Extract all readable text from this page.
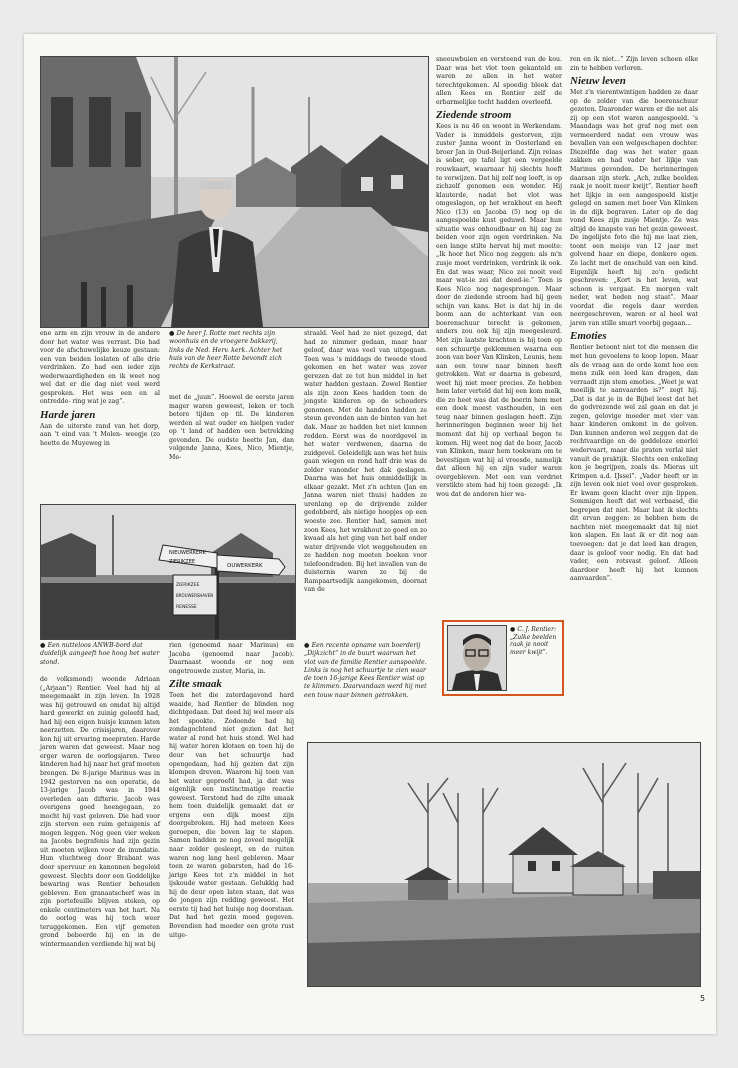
ene arm en zijn vrouw in de andere door het water was verrast. Die had voor de afschuwelijke keuze gestaan: een van beiden loslaten of alle drie verdrinken. Zo had een ieder zijn wederwaardigheden en ik weet nog wel dat er die dag niet veel werd gesproken. Het was een en al ontredde- ring wat je zag”.

Harde jaren

Aan de uiterste rand van het dorp, aan 't eind van 't Molen- weegje (zo heette de Muyeweg in

● De heer J. Rotte met rechts zijn woonhuis en de vroegere bakkerij, links de Ned. Herv. kerk. Achter het huis van de heer Rotte bevondt zich rechts de Kerkstraat.

met de „juun”. Hoewel de eerste jaren mager waren geweest, leken er toch betere tijden op til. De kinderen werden al wat ouder en hielpen vader op 't land of hadden een betrekking gevonden. De oudste heette Jan, dan volgende Janna, Kees, Nico, Mientje, Me-

NIEUWERKERK
ZIERIKZEE
OUWERKERK
ZIERIKZEE
BROUWERSHAVEN
RENESSE
● Een nutteloos ANWB-bord dat duidelijk aangeeft hoe hoog het water stond.

de volksmond) woonde Adriaan („Arjaan”) Rentier. Veel had hij al meegemaakt in zijn leven. In 1928 was hij getrouwd en omdat hij altijd hard gewerkt en zuinig geleefd had, had hij een eigen huisje kunnen laten neerzetten. De crisisjaren, daarover kon hij uit ervaring meepraten. Harde jaren waren dat geweest. Maar nog erger waren de oorlogsjaren. Twee kinderen had hij naar het graf moeten brengen. De 8-jarige Marinus was in 1942 gestorven na een operatie, de 13-jarige Jacob was in 1944 overleden aan difterie. Jacob was overigens goed heengegaan, zo mocht hij vast geloven. Die had voor zijn sterven een ruim getuigenis af mogen leggen. Nog geen vier weken na Jacobs begrafenis had zijn gezin uit moeten wijken voor de inundatie. Hun vluchtweg door Brabant was door spervuur en kanonnen begeleid geweest. Slechts door een Goddelijke bewaring was Rentier behouden gebleven. Een granaatscherf was in zijn portefeuille blijven steken, op enkele centimeters van het hart. Na de oorlog was hij toch weer teruggekomen. Een vijf gemeten grond beboerde hij en in de wintermaanden verdiende hij wat bij

rien (genoemd naar Marinus) en Jacoba (genoemd naar Jacob). Daarnaast woonde er nog een ongetrouwde zuster, Maria, in.

Zilte smaak

Toen het die zaterdagavond hard waaide, had Rentier de blinden nog dichtgedaan. Dat deed hij wel meer als het spookte. Zodoende had hij zondagochtend niet gezien dat het water al rond het huis stond. Wel had hij water horen klotsen en toen hij de deur van het schuurtje had opengedaan, had hij gezien dat zijn klompen dreven. Waarom hij toen van het water geproefd had, ja dat was eigenlijk een instinctmatige reactie geweest. Terstond had de zilte smaak hem toen duidelijk gemaakt dat er ergens een dijk moest zijn doorgebroken. Hij had meteen Kees geroepen, die boven lag te slapen. Samen hadden ze nog zoveel mogelijk naar zolder gesleept, en de ruiten waren nog lang heel gebleven. Maar toen ze waren gebarsten, had de 16-jarige Kees tot z'n middel in het ijskoude water gestaan. Gelukkig had hij de deur open laten staan, dat was de jongen zijn redding geweest. Het eerste tij had het huisje nog doorstaan. Dat had het gezin moed gegeven. Bovendien had moeder een grote rust uitge-

straald. Veel had ze niet gezegd, dat had ze nimmer gedaan, maar haar geloof, daar was veel van uitgegaan. Toen was 's middags de tweede vloed gekomen en het water was zover gerezen dat ze tot hun middel in het water hadden gestaan. Zowel Rentier als zijn zoon Kees hadden toen de jongste kinderen op de schouders genomen. Met de handen hadden ze steun gevonden aan de binten van het dak. Maar ze hadden het niet kunnen redden. Eerst was de noordgevel in het water verdwenen, daarna de zuidgevel. Geleidelijk aan was het huis gaan wiegen en rond half drie was de zolder vanonder het dak geslagen. Daarna was het huis onmiddellijk in elkaar gezakt. Met z'n achten (Jan en Janna waren niet thuis) hadden ze urenlang op de drijvende zolder gedobberd, als nietige hoopjes op een woeste zee. Rentier had, samen met zoon Kees, het wrakhout zo goed en zo kwaad als het ging van het half onder water drijvende vlot weggehouden en ze hadden nog moeten boeken voor telefoondraden. Bij het invallen van de duisternis waren ze bij de Rampaartsedijk aangekomen, doornat van de

● Een recente opname van boerderij „Dijkzicht” in de buurt waarvan het vlot van de familie Rentier aanspoelde. Links is nog het schuurtje te zien waar de toen 16-jarige Kees Rentier wist op te klimmen. Daarvandaan werd hij met een touw naar binnen getrokken.

sneeuwbuien en versteend van de kou. Daar was het vlot toen gekanteld en waren ze allen in het water terechtgekomen. Al spoedig bleek dat allen Kees en Rentier zelf de erbarmelijke tocht hadden overleefd.

Ziedende stroom

Kees is nu 46 en woont in Werkendam. Vader is inmiddels gestorven, zijn zuster Janna woont in Oosterland en broer Jan in Oud-Beijerland. Zijn relaas is sober, op tafel ligt een vergeelde rouwkaart, waarnaar hij slechts hoeft te verwijzen. Dat hij zelf nog leeft, is op zichzelf genomen een wonder. Hij klauterde, nadat het vlot was omgeslagen, op het wrakhout en heeft Nico (13) en Jacoba (5) nog op de aangespoelde kust geduwd. Maar hun situatie was onhoudbaar en hij zag ze beiden voor zijn ogen verdrinken. Na een lange stilte hervat hij met moeite: „Ik hoor het Nico nog zeggen: als m'n zusje moet verdrinken, verdrink ik ook. En dat was waar, Nico zei nooit veel maar wat-ie zei dat deed-ie.” Toen is Kees Nico nog nagesprongen. Maar door de ziedende stroom had hij geen schijn van kans. Het is dat hij in de boom aan de achterkant van een boerenschuur terecht is gekomen, anders zou ook hij zijn meegesleurd. Met zijn laatste krachten is hij toen op een schuurtje geklommen waarna een zoon van boer Van Klinken, Leunis, hem aan een touw naar binnen heeft getrokken. Wat er daarna is gebeurd, weet hij niet meer precies. Ze hebben hem later verteld dat hij een kom melk, die zo heet was dat de boerin hem met een doek moest vasthouden, in een teug naar binnen geslagen heeft. Zijn herinneringen beginnen weer bij het moment dat hij op verhaal begon te komen. Hij weet nog dat de boer, Jacob van Klinken, maar hem toekwam om te bevestigen wat hij al vreesde, namelijk dat alleen hij en zijn vader waren overgebleven. Met een van verdriet verstikte stem had hij toen gezegd: „Ik wou dat de anderen hier wa-

● C. J. Rentier: „Zulke beelden raak je nooit meer kwijt”.

ren en ik niet...” Zijn leven scheen elke zin te hebben verloren.

Nieuw leven

Met z'n vierentwintigen hadden ze daar op de zolder van die boerenschuur gezeten. Daaronder waren er die net als zij op een vlot waren aangespoeld. 's Maandags was het graf nog met een vermeerderd nadat een vrouw was bevallen van een welgeschapen dochter. Diezelfde dag was het water gaan zakken en had vader het lijkje van Marinus gevonden. De herinneringen daaraan zijn sterk. „Ach, zulke beelden raak je nooit meer kwijt”. Rentier heeft het lijkje in een aangespoeld kistje gelegd en samen met boer Van Klinken in de dijk begraven. Later op de dag vond Kees zijn zusje Mientje. Ze was altijd de knapste van het gezin geweest. De ingelijste foto die hij me laat zien, toont een meisje van 12 jaar met golvend haar en diepe, donkere ogen. Ze lacht met de onschuld van een kind. Eigenlijk heeft hij zo'n gedicht geschreven: „Kort is het leven, wat schoon is vergaat. En morgen valt neder, wat heden nog staat”. Maar voordat die regels daar werden neergeschreven, waren er al heel wat jaren van stille smart voorbij gegaan...

Emoties

Rentier betoont niet tot die mensen die met hun gevoelens te koop lopen. Maar als de vraag aan de orde komt hoe een mens zulk een leed kan dragen, dan verraadt zijn stem emoties. „Weet je wat moeilijk te aanvaarden is?” zegt hij. „Dat is dat je in de Bijbel leest dat het de godvrezende wel zal gaan en dat je zegen, gelovige moeder met vier van haar kinderen omkomt in de golven. Dan kunnen anderen wel zeggen dat de rechtvaardige en de goddeloze enerlei wedervaart, maar die praten verlal niet vanuit de praktijk. Slechts een enkeling kon je begrijpen, zoals ds. Mieras uit Krimpen a.d. IJssel”. „Vader heeft er in zijn leven ook niet veel over gesproken. Er kwam geen klacht over zijn lippen. Sommigen heeft dat wel verbaasd, die begrepen dat niet. Maar laat ik slechts dit ervan zeggen: ze hebben hem de nachten niet meegemaakt dat hij niet kon slapen. En laat ik er dit nog aan toevoegen: dat je dat leed kan dragen, daar is geloof voor nodig. En dat had vader, een rotsvast geloof. Alleen daardoor heeft hij het kunnen aanvaarden”.

5
